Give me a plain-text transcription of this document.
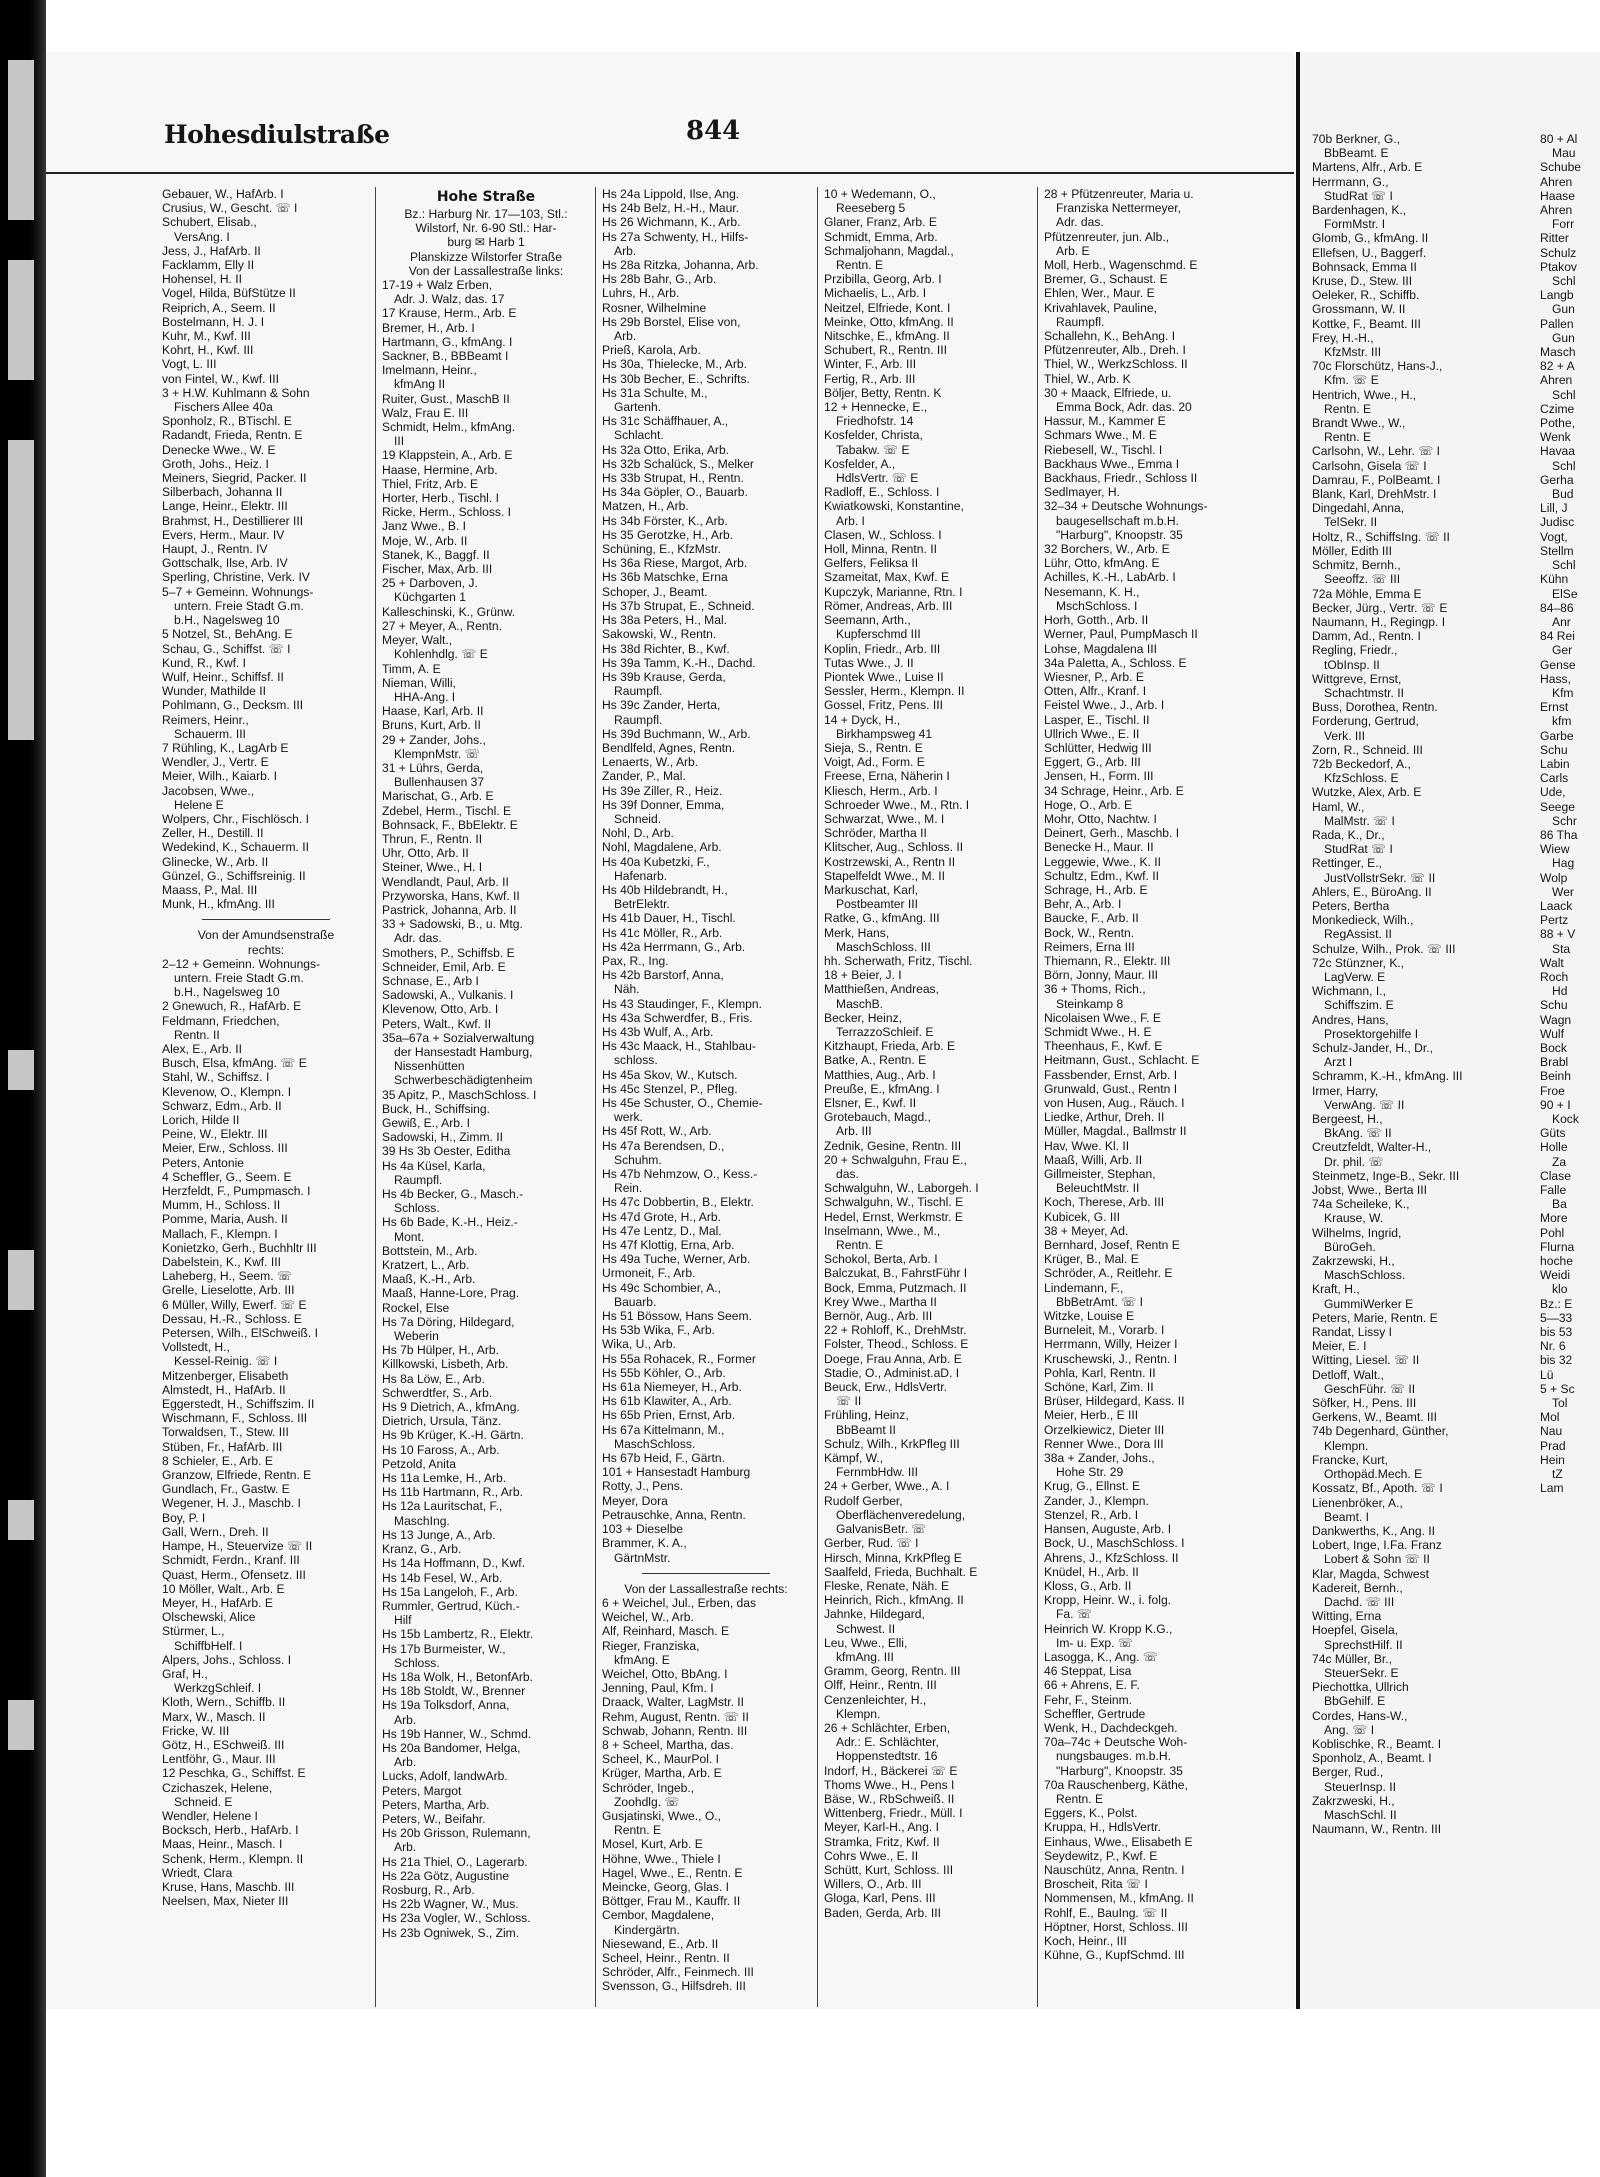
Hohesdiulstraße	844
Gebauer, W., HafArb. I
Crusius, W., Gescht. ☏ I
Schubert, Elisab.,
VersAng. I
Jess, J., HafArb. II
Facklamm, Elly II
Hohensel, H. II
Vogel, Hilda, BüfStütze II
Reiprich, A., Seem. II
Bostelmann, H. J. I
Kuhr, M., Kwf. III
Kohrt, H., Kwf. III
Vogt, L. III
von Fintel, W., Kwf. III
3 + H.W. Kuhlmann & Sohn
Fischers Allee 40a
Sponholz, R., BTischl. E
Radandt, Frieda, Rentn. E
Denecke Wwe., W. E
Groth, Johs., Heiz. I
Meiners, Siegrid, Packer. II
Silberbach, Johanna II
Lange, Heinr., Elektr. III
Brahmst, H., Destillierer III
Evers, Herm., Maur. IV
Haupt, J., Rentn. IV
Gottschalk, Ilse, Arb. IV
Sperling, Christine, Verk. IV
5–7 + Gemeinn. Wohnungs-
untern. Freie Stadt G.m.
b.H., Nagelsweg 10
5 Notzel, St., BehAng. E
Schau, G., Schiffst. ☏ I
Kund, R., Kwf. I
Wulf, Heinr., Schiffsf. II
Wunder, Mathilde II
Pohlmann, G., Decksm. III
Reimers, Heinr.,
Schauerm. III
7 Rühling, K., LagArb E
Wendler, J., Vertr. E
Meier, Wilh., Kaiarb. I
Jacobsen, Wwe.,
Helene E
Wolpers, Chr., Fischlösch. I
Zeller, H., Destill. II
Wedekind, K., Schauerm. II
Glinecke, W., Arb. II
Günzel, G., Schiffsreinig. II
Maass, P., Mal. III
Munk, H., kfmAng. III
Von der Amundsenstraße
rechts:
2–12 + Gemeinn. Wohnungs-
untern. Freie Stadt G.m.
b.H., Nagelsweg 10
2 Gnewuch, R., HafArb. E
Feldmann, Friedchen,
Rentn. II
Alex, E., Arb. II
Busch, Elsa, kfmAng. ☏ E
Stahl, W., Schiffsz. I
Klevenow, O., Klempn. I
Schwarz, Edm., Arb. II
Lorich, Hilde II
Peine, W., Elektr. III
Meier, Erw., Schloss. III
Peters, Antonie
4 Scheffler, G., Seem. E
Herzfeldt, F., Pumpmasch. I
Mumm, H., Schloss. II
Pomme, Maria, Aush. II
Mallach, F., Klempn. I
Konietzko, Gerh., Buchhltr III
Dabelstein, K., Kwf. III
Laheberg, H., Seem. ☏
Grelle, Lieselotte, Arb. III
6 Müller, Willy, Ewerf. ☏ E
Dessau, H.-R., Schloss. E
Petersen, Wilh., ElSchweiß. I
Vollstedt, H.,
Kessel-Reinig. ☏ I
Mitzenberger, Elisabeth
Almstedt, H., HafArb. II
Eggerstedt, H., Schiffszim. II
Wischmann, F., Schloss. III
Torwaldsen, T., Stew. III
Stüben, Fr., HafArb. III
8 Schieler, E., Arb. E
Granzow, Elfriede, Rentn. E
Gundlach, Fr., Gastw. E
Wegener, H. J., Maschb. I
Boy, P. I
Gall, Wern., Dreh. II
Hampe, H., Steuervize ☏ II
Schmidt, Ferdn., Kranf. III
Quast, Herm., Ofensetz. III
10 Möller, Walt., Arb. E
Meyer, H., HafArb. E
Olschewski, Alice
Stürmer, L.,
SchiffbHelf. I
Alpers, Johs., Schloss. I
Graf, H.,
WerkzgSchleif. I
Kloth, Wern., Schiffb. II
Marx, W., Masch. II
Fricke, W. III
Götz, H., ESchweiß. III
Lentföhr, G., Maur. III
12 Peschka, G., Schiffst. E
Czichaszek, Helene,
Schneid. E
Wendler, Helene I
Bocksch, Herb., HafArb. I
Maas, Heinr., Masch. I
Schenk, Herm., Klempn. II
Wriedt, Clara
Kruse, Hans, Maschb. III
Neelsen, Max, Nieter III
Hohe Straße
Bz.: Harburg Nr. 17—103, Stl.:
Wilstorf, Nr. 6-90 Stl.: Har-
burg ✉ Harb 1
Planskizze Wilstorfer Straße
Von der Lassallestraße links:
17-19 + Walz Erben,
Adr. J. Walz, das. 17
17 Krause, Herm., Arb. E
Bremer, H., Arb. I
Hartmann, G., kfmAng. I
Sackner, B., BBBeamt I
Imelmann, Heinr.,
kfmAng II
Ruiter, Gust., MaschB II
Walz, Frau E. III
Schmidt, Helm., kfmAng.
III
19 Klappstein, A., Arb. E
Haase, Hermine, Arb.
Thiel, Fritz, Arb. E
Horter, Herb., Tischl. I
Ricke, Herm., Schloss. I
Janz Wwe., B. I
Moje, W., Arb. II
Stanek, K., Baggf. II
Fischer, Max, Arb. III
25 + Darboven, J.
Küchgarten 1
Kalleschinski, K., Grünw.
27 + Meyer, A., Rentn.
Meyer, Walt.,
Kohlenhdlg. ☏ E
Timm, A. E
Nieman, Willi,
HHA-Ang. I
Haase, Karl, Arb. II
Bruns, Kurt, Arb. II
29 + Zander, Johs.,
KlempnMstr. ☏
31 + Lührs, Gerda,
Bullenhausen 37
Marischat, G., Arb. E
Zdebel, Herm., Tischl. E
Bohnsack, F., BbElektr. E
Thrun, F., Rentn. II
Uhr, Otto, Arb. II
Steiner, Wwe., H. I
Wendlandt, Paul, Arb. II
Przyworska, Hans, Kwf. II
Pastrick, Johanna, Arb. II
33 + Sadowski, B., u. Mtg.
Adr. das.
Smothers, P., Schiffsb. E
Schneider, Emil, Arb. E
Schnase, E., Arb I
Sadowski, A., Vulkanis. I
Klevenow, Otto, Arb. I
Peters, Walt., Kwf. II
35a–67a + Sozialverwaltung
der Hansestadt Hamburg,
Nissenhütten
Schwerbeschädigtenheim
35 Apitz, P., MaschSchloss. I
Buck, H., Schiffsing.
Gewiß, E., Arb. I
Sadowski, H., Zimm. II
39 Hs 3b Oester, Editha
Hs 4a Küsel, Karla,
Raumpfl.
Hs 4b Becker, G., Masch.-
Schloss.
Hs 6b Bade, K.-H., Heiz.-
Mont.
Bottstein, M., Arb.
Kratzert, L., Arb.
Maaß, K.-H., Arb.
Maaß, Hanne-Lore, Prag.
Rockel, Else
Hs 7a Döring, Hildegard,
Weberin
Hs 7b Hülper, H., Arb.
Killkowski, Lisbeth, Arb.
Hs 8a Löw, E., Arb.
Schwerdtfer, S., Arb.
Hs 9 Dietrich, A., kfmAng.
Dietrich, Ursula, Tänz.
Hs 9b Krüger, K.-H. Gärtn.
Hs 10 Faross, A., Arb.
Petzold, Anita
Hs 11a Lemke, H., Arb.
Hs 11b Hartmann, R., Arb.
Hs 12a Lauritschat, F.,
MaschIng.
Hs 13 Junge, A., Arb.
Kranz, G., Arb.
Hs 14a Hoffmann, D., Kwf.
Hs 14b Fesel, W., Arb.
Hs 15a Langeloh, F., Arb.
Rummler, Gertrud, Küch.-
Hilf
Hs 15b Lambertz, R., Elektr.
Hs 17b Burmeister, W.,
Schloss.
Hs 18a Wolk, H., BetonfArb.
Hs 18b Stoldt, W., Brenner
Hs 19a Tolksdorf, Anna,
Arb.
Hs 19b Hanner, W., Schmd.
Hs 20a Bandomer, Helga,
Arb.
Lucks, Adolf, landwArb.
Peters, Margot
Peters, Martha, Arb.
Peters, W., Beifahr.
Hs 20b Grisson, Rulemann,
Arb.
Hs 21a Thiel, O., Lagerarb.
Hs 22a Götz, Augustine
Rosburg, R., Arb.
Hs 22b Wagner, W., Mus.
Hs 23a Vogler, W., Schloss.
Hs 23b Ogniwek, S., Zim.
Hs 24a Lippold, Ilse, Ang.
Hs 24b Belz, H.-H., Maur.
Hs 26 Wichmann, K., Arb.
Hs 27a Schwenty, H., Hilfs-
Arb.
Hs 28a Ritzka, Johanna, Arb.
Hs 28b Bahr, G., Arb.
Luhrs, H., Arb.
Rosner, Wilhelmine
Hs 29b Borstel, Elise von,
Arb.
Prieß, Karola, Arb.
Hs 30a, Thielecke, M., Arb.
Hs 30b Becher, E., Schrifts.
Hs 31a Schulte, M.,
Gartenh.
Hs 31c Schäffhauer, A.,
Schlacht.
Hs 32a Otto, Erika, Arb.
Hs 32b Schalück, S., Melker
Hs 33b Strupat, H., Rentn.
Hs 34a Göpler, O., Bauarb.
Matzen, H., Arb.
Hs 34b Förster, K., Arb.
Hs 35 Gerotzke, H., Arb.
Schüning, E., KfzMstr.
Hs 36a Riese, Margot, Arb.
Hs 36b Matschke, Erna
Schoper, J., Beamt.
Hs 37b Strupat, E., Schneid.
Hs 38a Peters, H., Mal.
Sakowski, W., Rentn.
Hs 38d Richter, B., Kwf.
Hs 39a Tamm, K.-H., Dachd.
Hs 39b Krause, Gerda,
Raumpfl.
Hs 39c Zander, Herta,
Raumpfl.
Hs 39d Buchmann, W., Arb.
Bendlfeld, Agnes, Rentn.
Lenaerts, W., Arb.
Zander, P., Mal.
Hs 39e Ziller, R., Heiz.
Hs 39f Donner, Emma,
Schneid.
Nohl, D., Arb.
Nohl, Magdalene, Arb.
Hs 40a Kubetzki, F.,
Hafenarb.
Hs 40b Hildebrandt, H.,
BetrElektr.
Hs 41b Dauer, H., Tischl.
Hs 41c Möller, R., Arb.
Hs 42a Herrmann, G., Arb.
Pax, R., Ing.
Hs 42b Barstorf, Anna,
Näh.
Hs 43 Staudinger, F., Klempn.
Hs 43a Schwerdfer, B., Fris.
Hs 43b Wulf, A., Arb.
Hs 43c Maack, H., Stahlbau-
schloss.
Hs 45a Skov, W., Kutsch.
Hs 45c Stenzel, P., Pfleg.
Hs 45e Schuster, O., Chemie-
werk.
Hs 45f Rott, W., Arb.
Hs 47a Berendsen, D.,
Schuhm.
Hs 47b Nehmzow, O., Kess.-
Rein.
Hs 47c Dobbertin, B., Elektr.
Hs 47d Grote, H., Arb.
Hs 47e Lentz, D., Mal.
Hs 47f Klottig, Erna, Arb.
Hs 49a Tuche, Werner, Arb.
Urmoneit, F., Arb.
Hs 49c Schombier, A.,
Bauarb.
Hs 51 Bössow, Hans Seem.
Hs 53b Wika, F., Arb.
Wika, U., Arb.
Hs 55a Rohacek, R., Former
Hs 55b Köhler, O., Arb.
Hs 61a Niemeyer, H., Arb.
Hs 61b Klawiter, A., Arb.
Hs 65b Prien, Ernst, Arb.
Hs 67a Kittelmann, M.,
MaschSchloss.
Hs 67b Heid, F., Gärtn.
101 + Hansestadt Hamburg
Rotty, J., Pens.
Meyer, Dora
Petrauschke, Anna, Rentn.
103 + Dieselbe
Brammer, K. A.,
GärtnMstr.
Von der Lassallestraße rechts:
6 + Weichel, Jul., Erben, das
Weichel, W., Arb.
Alf, Reinhard, Masch. E
Rieger, Franziska,
kfmAng. E
Weichel, Otto, BbAng. I
Jenning, Paul, Kfm. I
Draack, Walter, LagMstr. II
Rehm, August, Rentn. ☏ II
Schwab, Johann, Rentn. III
8 + Scheel, Martha, das.
Scheel, K., MaurPol. I
Krüger, Martha, Arb. E
Schröder, Ingeb.,
Zoohdlg. ☏
Gusjatinski, Wwe., O.,
Rentn. E
Mosel, Kurt, Arb. E
Höhne, Wwe., Thiele I
Hagel, Wwe., E., Rentn. E
Meincke, Georg, Glas. I
Böttger, Frau M., Kauffr. II
Cembor, Magdalene,
Kindergärtn.
Niesewand, E., Arb. II
Scheel, Heinr., Rentn. II
Schröder, Alfr., Feinmech. III
Svensson, G., Hilfsdreh. III
10 + Wedemann, O.,
Reeseberg 5
Glaner, Franz, Arb. E
Schmidt, Emma, Arb.
Schmaljohann, Magdal.,
Rentn. E
Przibilla, Georg, Arb. I
Michaelis, L., Arb. I
Neitzel, Elfriede, Kont. I
Meinke, Otto, kfmAng. II
Nitschke, E., kfmAng. II
Schubert, R., Rentn. III
Winter, F., Arb. III
Fertig, R., Arb. III
Böljer, Betty, Rentn. K
12 + Hennecke, E.,
Friedhofstr. 14
Kosfelder, Christa,
Tabakw. ☏ E
Kosfelder, A.,
HdlsVertr. ☏ E
Radloff, E., Schloss. I
Kwiatkowski, Konstantine,
Arb. I
Clasen, W., Schloss. I
Holl, Minna, Rentn. II
Gelfers, Feliksa II
Szameitat, Max, Kwf. E
Kupczyk, Marianne, Rtn. I
Römer, Andreas, Arb. III
Seemann, Arth.,
Kupferschmd III
Koplin, Friedr., Arb. III
Tutas Wwe., J. II
Piontek Wwe., Luise II
Sessler, Herm., Klempn. II
Gossel, Fritz, Pens. III
14 + Dyck, H.,
Birkhampsweg 41
Sieja, S., Rentn. E
Voigt, Ad., Form. E
Freese, Erna, Näherin I
Kliesch, Herm., Arb. I
Schroeder Wwe., M., Rtn. I
Schwarzat, Wwe., M. I
Schröder, Martha II
Klitscher, Aug., Schloss. II
Kostrzewski, A., Rentn II
Stapelfeldt Wwe., M. II
Markuschat, Karl,
Postbeamter III
Ratke, G., kfmAng. III
Merk, Hans,
MaschSchloss. III
hh. Scherwath, Fritz, Tischl.
18 + Beier, J. I
Matthießen, Andreas,
MaschB.
Becker, Heinz,
TerrazzoSchleif. E
Kitzhaupt, Frieda, Arb. E
Batke, A., Rentn. E
Matthies, Aug., Arb. I
Preuße, E., kfmAng. I
Elsner, E., Kwf. II
Grotebauch, Magd.,
Arb. III
Zednik, Gesine, Rentn. III
20 + Schwalguhn, Frau E.,
das.
Schwalguhn, W., Laborgeh. I
Schwalguhn, W., Tischl. E
Hedel, Ernst, Werkmstr. E
Inselmann, Wwe., M.,
Rentn. E
Schokol, Berta, Arb. I
Balczukat, B., FahrstFühr I
Bock, Emma, Putzmach. II
Krey Wwe., Martha II
Bernör, Aug., Arb. III
22 + Rohloff, K., DrehMstr.
Folster, Theod., Schloss. E
Doege, Frau Anna, Arb. E
Stadie, O., Administ.aD. I
Beuck, Erw., HdlsVertr.
☏ II
Frühling, Heinz,
BbBeamt II
Schulz, Wilh., KrkPfleg III
Kämpf, W.,
FernmbHdw. III
24 + Gerber, Wwe., A. I
Rudolf Gerber,
Oberflächenveredelung,
GalvanisBetr. ☏
Gerber, Rud. ☏ I
Hirsch, Minna, KrkPfleg E
Saalfeld, Frieda, Buchhalt. E
Fleske, Renate, Näh. E
Heinrich, Rich., kfmAng. II
Jahnke, Hildegard,
Schwest. II
Leu, Wwe., Elli,
kfmAng. III
Gramm, Georg, Rentn. III
Olff, Heinr., Rentn. III
Cenzenleichter, H.,
Klempn.
26 + Schlächter, Erben,
Adr.: E. Schlächter,
Hoppenstedtstr. 16
Indorf, H., Bäckerei ☏ E
Thoms Wwe., H., Pens I
Bäse, W., RbSchweiß. II
Wittenberg, Friedr., Müll. I
Meyer, Karl-H., Ang. I
Stramka, Fritz, Kwf. II
Cohrs Wwe., E. II
Schütt, Kurt, Schloss. III
Willers, O., Arb. III
Gloga, Karl, Pens. III
Baden, Gerda, Arb. III
28 + Pfützenreuter, Maria u.
Franziska Nettermeyer,
Adr. das.
Pfützenreuter, jun. Alb.,
Arb. E
Moll, Herb., Wagenschmd. E
Bremer, G., Schaust. E
Ehlen, Wer., Maur. E
Krivahlavek, Pauline,
Raumpfl.
Schallehn, K., BehAng. I
Pfützenreuter, Alb., Dreh. I
Thiel, W., WerkzSchloss. II
Thiel, W., Arb. K
30 + Maack, Elfriede, u.
Emma Bock, Adr. das. 20
Hassur, M., Kammer E
Schmars Wwe., M. E
Riebesell, W., Tischl. I
Backhaus Wwe., Emma I
Backhaus, Friedr., Schloss II
Sedlmayer, H.
32–34 + Deutsche Wohnungs-
baugesellschaft m.b.H.
"Harburg", Knoopstr. 35
32 Borchers, W., Arb. E
Lühr, Otto, kfmAng. E
Achilles, K.-H., LabArb. I
Nesemann, K. H.,
MschSchloss. I
Horh, Gotth., Arb. II
Werner, Paul, PumpMasch II
Lohse, Magdalena III
34a Paletta, A., Schloss. E
Wiesner, P., Arb. E
Otten, Alfr., Kranf. I
Feistel Wwe., J., Arb. I
Lasper, E., Tischl. II
Ullrich Wwe., E. II
Schlütter, Hedwig III
Eggert, G., Arb. III
Jensen, H., Form. III
34 Schrage, Heinr., Arb. E
Hoge, O., Arb. E
Mohr, Otto, Nachtw. I
Deinert, Gerh., Maschb. I
Benecke H., Maur. II
Leggewie, Wwe., K. II
Schultz, Edm., Kwf. II
Schrage, H., Arb. E
Behr, A., Arb. I
Baucke, F., Arb. II
Bock, W., Rentn.
Reimers, Erna III
Thiemann, R., Elektr. III
Börn, Jonny, Maur. III
36 + Thoms, Rich.,
Steinkamp 8
Nicolaisen Wwe., F. E
Schmidt Wwe., H. E
Theenhaus, F., Kwf. E
Heitmann, Gust., Schlacht. E
Fassbender, Ernst, Arb. I
Grunwald, Gust., Rentn I
von Husen, Aug., Räuch. I
Liedke, Arthur, Dreh. II
Müller, Magdal., Ballmstr II
Hav, Wwe. Kl. II
Maaß, Willi, Arb. II
Gillmeister, Stephan,
BeleuchtMstr. II
Koch, Therese, Arb. III
Kubicek, G. III
38 + Meyer, Ad.
Bernhard, Josef, Rentn E
Krüger, B., Mal. E
Schröder, A., Reitlehr. E
Lindemann, F.,
BbBetrAmt. ☏ I
Witzke, Louise E
Burneleit, M., Vorarb. I
Herrmann, Willy, Heizer I
Kruschewski, J., Rentn. I
Pohla, Karl, Rentn. II
Schöne, Karl, Zim. II
Brüser, Hildegard, Kass. II
Meier, Herb., E III
Orzelkiewicz, Dieter III
Renner Wwe., Dora III
38a + Zander, Johs.,
Hohe Str. 29
Krug, G., Ellnst. E
Zander, J., Klempn.
Stenzel, R., Arb. I
Hansen, Auguste, Arb. I
Bock, U., MaschSchloss. I
Ahrens, J., KfzSchloss. II
Knüdel, H., Arb. II
Kloss, G., Arb. II
Kropp, Heinr. W., i. folg.
Fa. ☏
Heinrich W. Kropp K.G.,
Im- u. Exp. ☏
Lasogga, K., Ang. ☏
46 Steppat, Lisa
66 + Ahrens, E. F.
Fehr, F., Steinm.
Scheffler, Gertrude
Wenk, H., Dachdeckgeh.
70a–74c + Deutsche Woh-
nungsbauges. m.b.H.
"Harburg", Knoopstr. 35
70a Rauschenberg, Käthe,
Rentn. E
Eggers, K., Polst.
Kruppa, H., HdlsVertr.
Einhaus, Wwe., Elisabeth E
Seydewitz, P., Kwf. E
Nauschütz, Anna, Rentn. I
Broscheit, Rita ☏ I
Nommensen, M., kfmAng. II
Rohlf, E., BauIng. ☏ II
Höptner, Horst, Schloss. III
Koch, Heinr., III
Kühne, G., KupfSchmd. III
70b Berkner, G.,
BbBeamt. E
Martens, Alfr., Arb. E
Herrmann, G.,
StudRat ☏ I
Bardenhagen, K.,
FormMstr. I
Glomb, G., kfmAng. II
Ellefsen, U., Baggerf.
Bohnsack, Emma II
Kruse, D., Stew. III
Oeleker, R., Schiffb.
Grossmann, W. II
Kottke, F., Beamt. III
Frey, H.-H.,
KfzMstr. III
70c Florschütz, Hans-J.,
Kfm. ☏ E
Hentrich, Wwe., H.,
Rentn. E
Brandt Wwe., W.,
Rentn. E
Carlsohn, W., Lehr. ☏ I
Carlsohn, Gisela ☏ I
Damrau, F., PolBeamt. I
Blank, Karl, DrehMstr. I
Dingedahl, Anna,
TelSekr. II
Holtz, R., SchiffsIng. ☏ II
Möller, Edith III
Schmitz, Bernh.,
Seeoffz. ☏ III
72a Möhle, Emma E
Becker, Jürg., Vertr. ☏ E
Naumann, H., Regingp. I
Damm, Ad., Rentn. I
Regling, Friedr.,
tObInsp. II
Wittgreve, Ernst,
Schachtmstr. II
Buss, Dorothea, Rentn.
Forderung, Gertrud,
Verk. III
Zorn, R., Schneid. III
72b Beckedorf, A.,
KfzSchloss. E
Wutzke, Alex, Arb. E
Haml, W.,
MalMstr. ☏ I
Rada, K., Dr.,
StudRat ☏ I
Rettinger, E.,
JustVollstrSekr. ☏ II
Ahlers, E., BüroAng. II
Peters, Bertha
Monkedieck, Wilh.,
RegAssist. II
Schulze, Wilh., Prok. ☏ III
72c Stünzner, K.,
LagVerw. E
Wichmann, I.,
Schiffszim. E
Andres, Hans,
Prosektorgehilfe I
Schulz-Jander, H., Dr.,
Arzt I
Schramm, K.-H., kfmAng. III
Irmer, Harry,
VerwAng. ☏ II
Bergeest, H.,
BkAng. ☏ II
Creutzfeldt, Walter-H.,
Dr. phil. ☏
Steinmetz, Inge-B., Sekr. III
Jobst, Wwe., Berta III
74a Scheileke, K.,
Krause, W.
Wilhelms, Ingrid,
BüroGeh.
Zakrzewski, H.,
MaschSchloss.
Kraft, H.,
GummiWerker E
Peters, Marie, Rentn. E
Randat, Lissy I
Meier, E. I
Witting, Liesel. ☏ II
Detloff, Walt.,
GeschFühr. ☏ II
Söfker, H., Pens. III
Gerkens, W., Beamt. III
74b Degenhard, Günther,
Klempn.
Francke, Kurt,
Orthopäd.Mech. E
Kossatz, Bf., Apoth. ☏ I
Lienenbröker, A.,
Beamt. I
Dankwerths, K., Ang. II
Lobert, Inge, I.Fa. Franz
Lobert & Sohn ☏ II
Klar, Magda, Schwest
Kadereit, Bernh.,
Dachd. ☏ III
Witting, Erna
Hoepfel, Gisela,
SprechstHilf. II
74c Müller, Br.,
SteuerSekr. E
Piechottka, Ullrich
BbGehilf. E
Cordes, Hans-W.,
Ang. ☏ I
Koblischke, R., Beamt. I
Sponholz, A., Beamt. I
Berger, Rud.,
SteuerInsp. II
Zakrzweski, H.,
MaschSchl. II
Naumann, W., Rentn. III
80 + Al
Mau
Schube
Ahren
Haase
Ahren
Forr
Ritter
Schulz
Ptakov
Schl
Langb
Gun
Pallen
Gun
Masch
82 + A
Ahren
Schl
Czime
Pothe,
Wenk
Havaa
Schl
Gerha
Bud
Lill, J
Judisc
Vogt,
Stellm
Schl
Kühn
ElSe
84–86
Anr
84 Rei
Ger
Gense
Hass,
Kfm
Ernst
kfm
Garbe
Schu
Labin
Carls
Ude,
Seege
Schr
86 Tha
Wiew
Hag
Wolp
Wer
Laack
Pertz
88 + V
Sta
Walt
Roch
Hd
Schu
Wagn
Wulf
Bock
Brabl
Beinh
Froe
90 + I
Kock
Güts
Holle
Za
Clase
Falle
Ba
More
Pohl
Flurna
hoche
Weidi
klo
Bz.: E
5—33
bis 53
Nr. 6
bis 32
Lü
5 + Sc
Tol
Mol
Nau
Prad
Hein
tZ
Lam
